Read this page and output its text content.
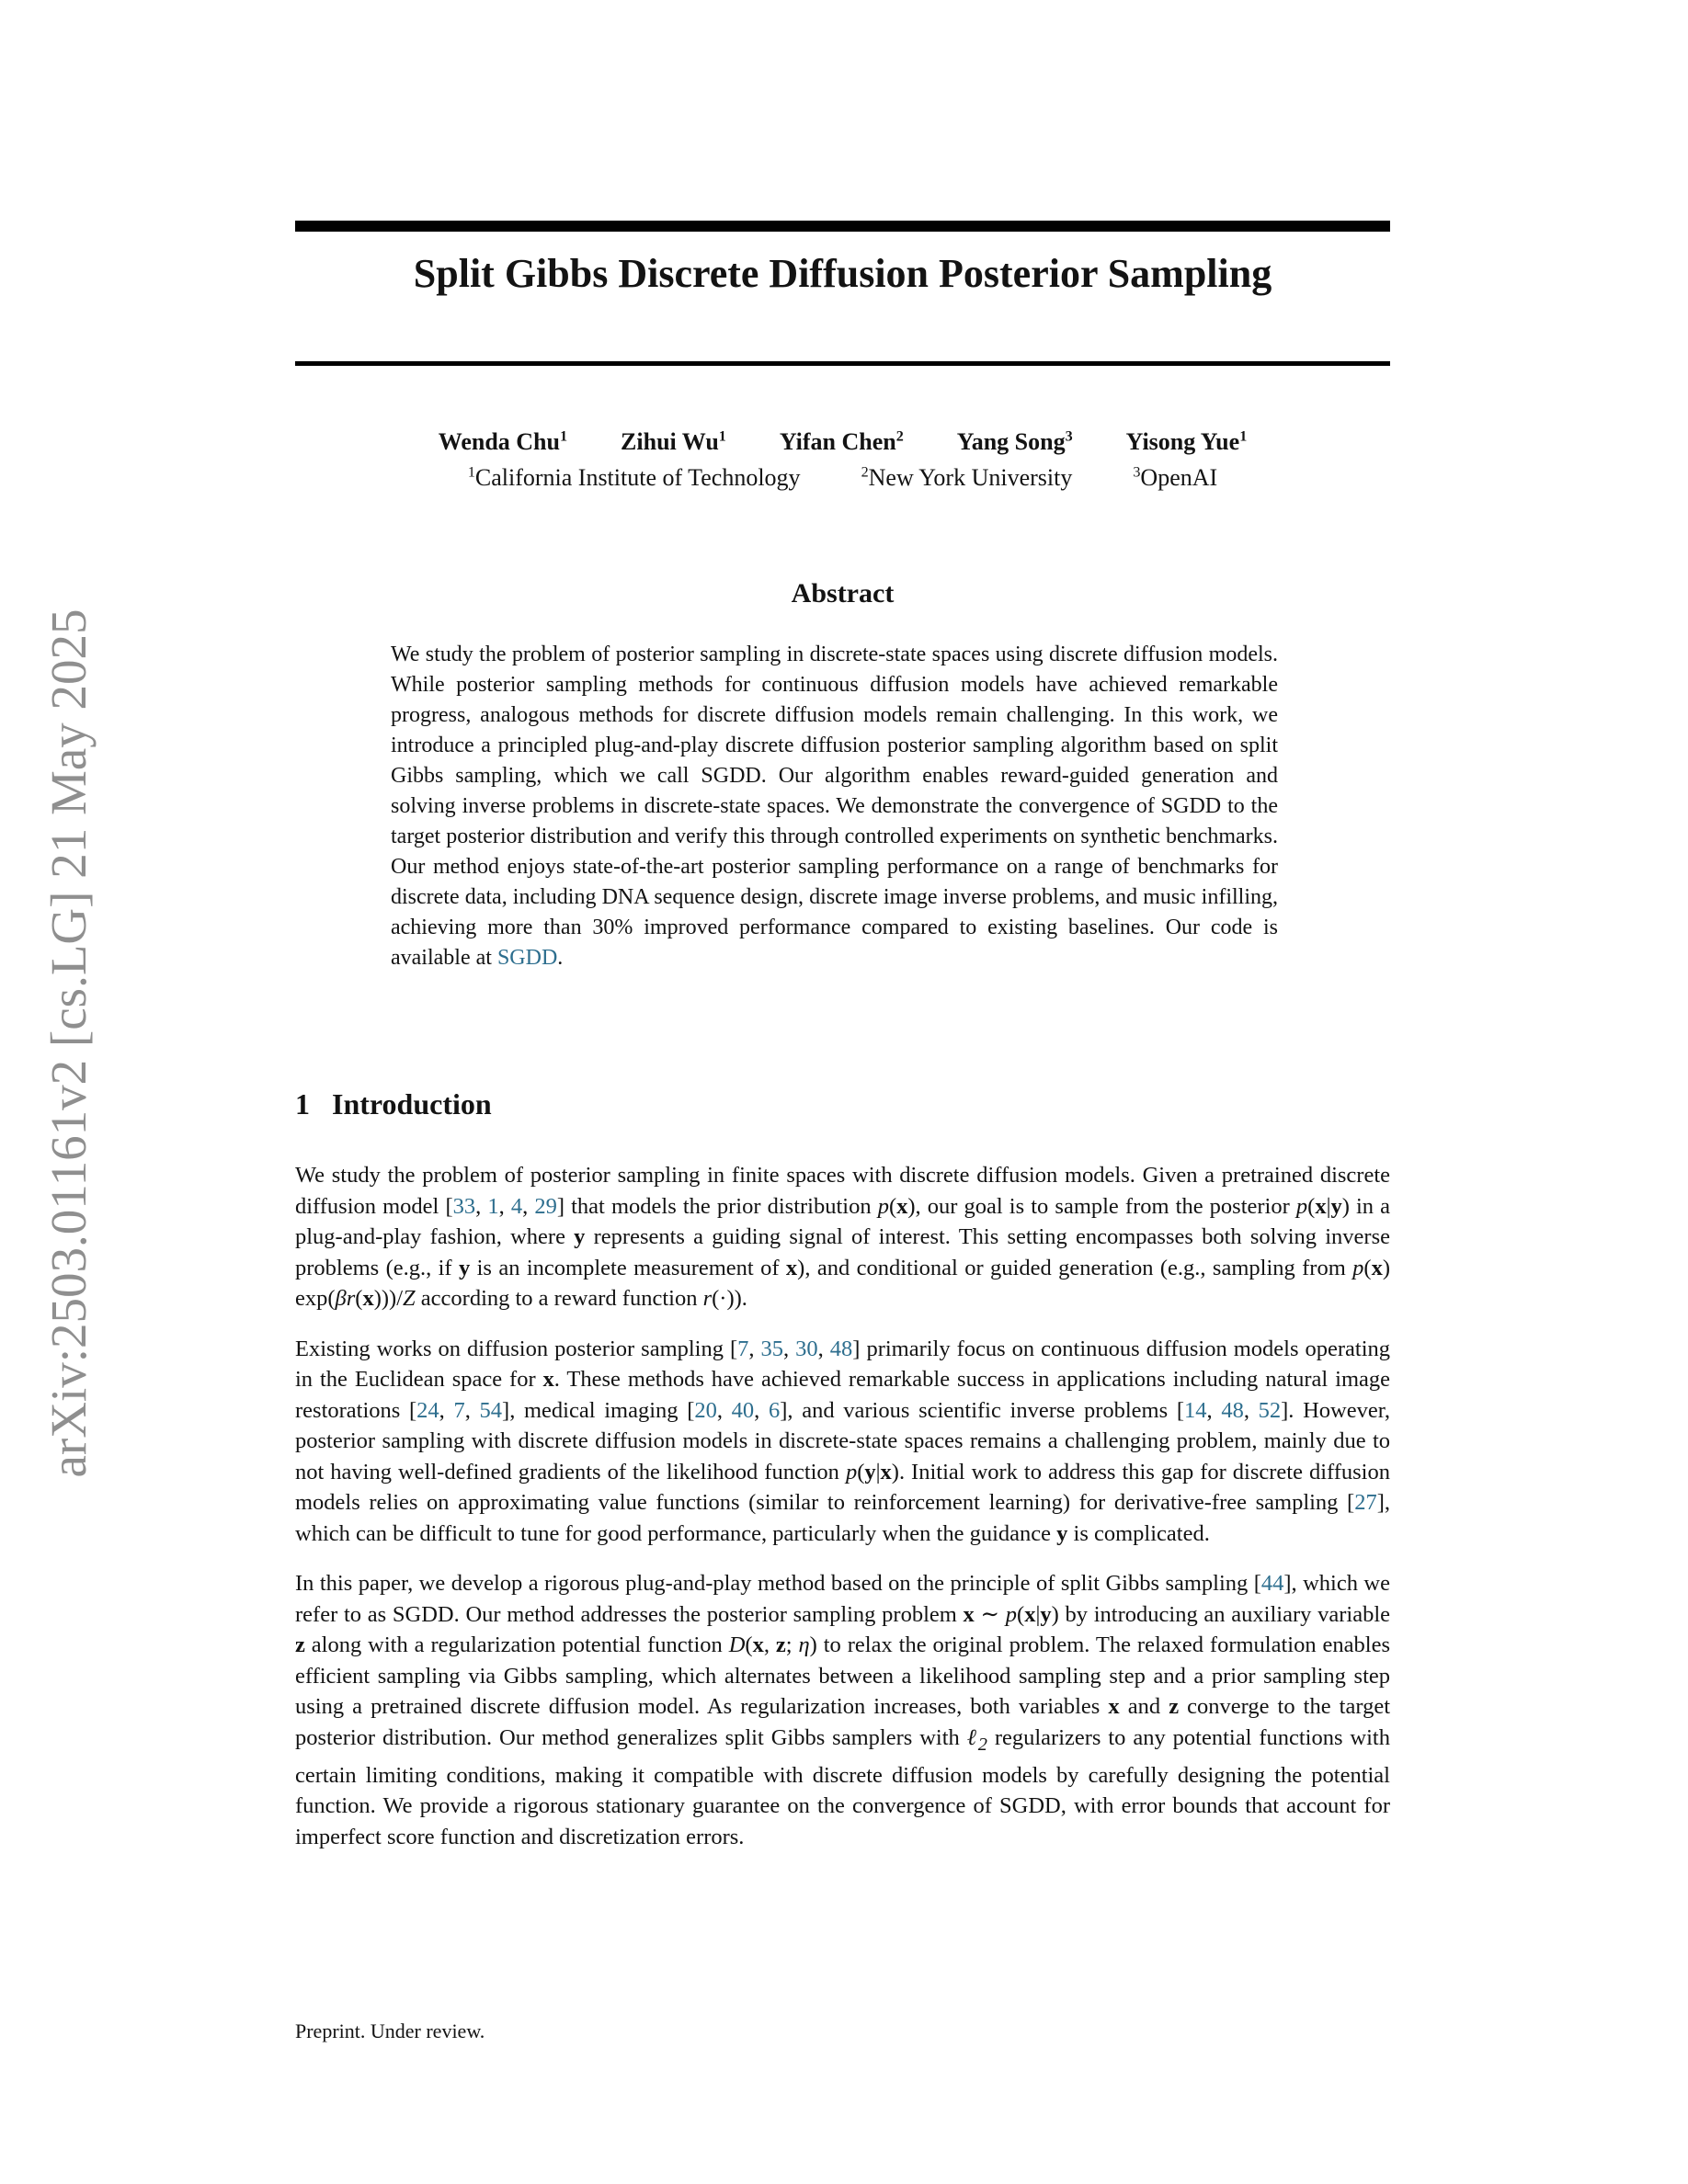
arXiv:2503.01161v2 [cs.LG] 21 May 2025
Split Gibbs Discrete Diffusion Posterior Sampling
Wenda Chu$^1$ Zihui Wu$^1$ Yifan Chen$^2$ Yang Song$^3$ Yisong Yue$^1$
$^1$California Institute of Technology	$^2$New York University	$^3$OpenAI
Abstract

We study the problem of posterior sampling in discrete-state spaces using discrete diffusion models. While posterior sampling methods for continuous diffusion models have achieved remarkable progress, analogous methods for discrete diffusion models remain challenging. In this work, we introduce a principled plug-and-play discrete diffusion posterior sampling algorithm based on split Gibbs sampling, which we call SGDD. Our algorithm enables reward-guided generation and solving inverse problems in discrete-state spaces. We demonstrate the convergence of SGDD to the target posterior distribution and verify this through controlled experiments on synthetic benchmarks. Our method enjoys state-of-the-art posterior sampling performance on a range of benchmarks for discrete data, including DNA sequence design, discrete image inverse problems, and music infilling, achieving more than 30% improved performance compared to existing baselines. Our code is available at SGDD.

1 Introduction

We study the problem of posterior sampling in finite spaces with discrete diffusion models. Given a pretrained discrete diffusion model [33, 1, 4, 29] that models the prior distribution p(x), our goal is to sample from the posterior p(x|y) in a plug-and-play fashion, where y represents a guiding signal of interest. This setting encompasses both solving inverse problems (e.g., if y is an incomplete measurement of x), and conditional or guided generation (e.g., sampling from p(x) exp(βr(x)))/Z according to a reward function r(·)).

Existing works on diffusion posterior sampling [7, 35, 30, 48] primarily focus on continuous diffusion models operating in the Euclidean space for x. These methods have achieved remarkable success in applications including natural image restorations [24, 7, 54], medical imaging [20, 40, 6], and various scientific inverse problems [14, 48, 52]. However, posterior sampling with discrete diffusion models in discrete-state spaces remains a challenging problem, mainly due to not having well-defined gradients of the likelihood function p(y|x). Initial work to address this gap for discrete diffusion models relies on approximating value functions (similar to reinforcement learning) for derivative-free sampling [27], which can be difficult to tune for good performance, particularly when the guidance y is complicated.

In this paper, we develop a rigorous plug-and-play method based on the principle of split Gibbs sampling [44], which we refer to as SGDD. Our method addresses the posterior sampling problem x ∼ p(x|y) by introducing an auxiliary variable z along with a regularization potential function D(x, z; η) to relax the original problem. The relaxed formulation enables efficient sampling via Gibbs sampling, which alternates between a likelihood sampling step and a prior sampling step using a pretrained discrete diffusion model. As regularization increases, both variables x and z converge to the target posterior distribution. Our method generalizes split Gibbs samplers with ℓ$_2$ regularizers to any potential functions with certain limiting conditions, making it compatible with discrete diffusion models by carefully designing the potential function. We provide a rigorous stationary guarantee on the convergence of SGDD, with error bounds that account for imperfect score function and discretization errors.

Preprint. Under review.
